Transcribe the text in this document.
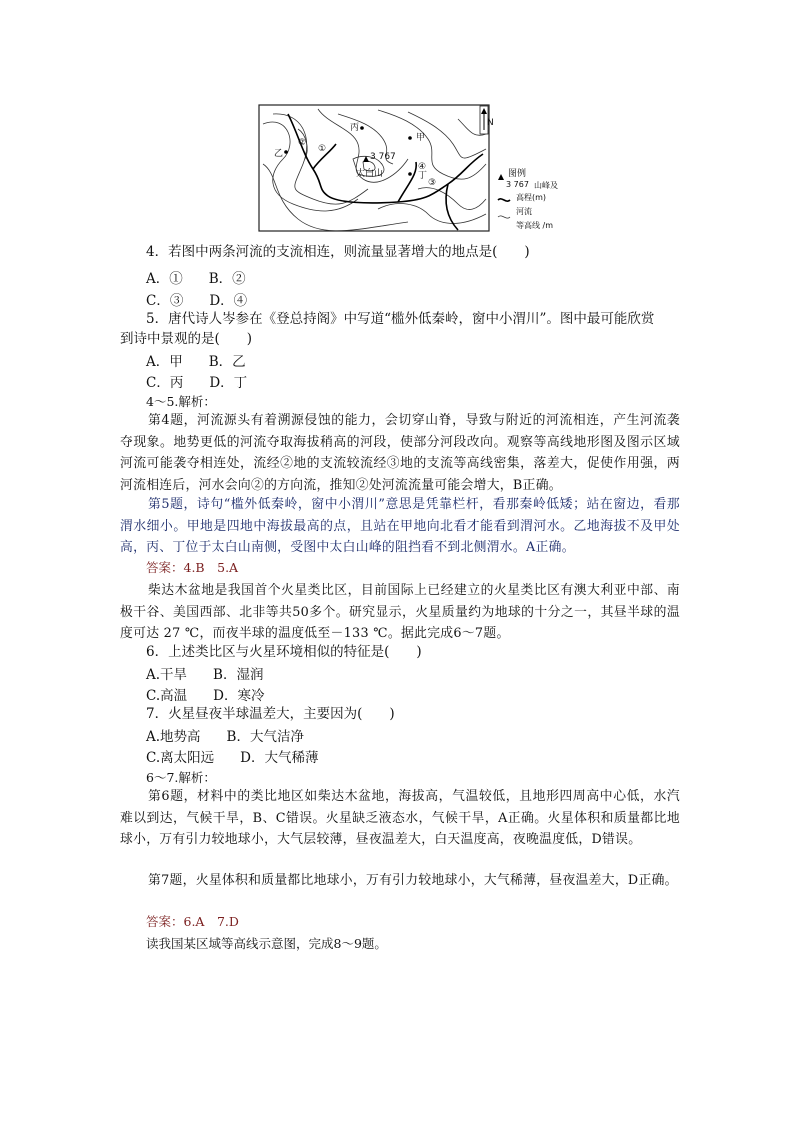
丙
甲
乙
丁
N
①
②
③
④
3 767
太白山	图例
3 767 山峰及
高程(m)
河流
等高线 /m
4．若图中两条河流的支流相连，则流量显著增大的地点是(　　)
A．① B．②
C．③ D．④
5．唐代诗人岑参在《登总持阁》中写道“槛外低秦岭，窗中小渭川”。图中最可能欣赏
到诗中景观的是(　　)
A．甲 B．乙
C．丙 D．丁
4～5.解析：
第4题，河流源头有着溯源侵蚀的能力，会切穿山脊，导致与附近的河流相连，产生河流袭夺现象。地势更低的河流夺取海拔稍高的河段，使部分河段改向。观察等高线地形图及图示区域河流可能袭夺相连处，流经②地的支流较流经③地的支流等高线密集，落差大，促使作用强，两河流相连后，河水会向②的方向流，推知②处河流流量可能会增大，B正确。
第5题，诗句“槛外低秦岭，窗中小渭川”意思是凭靠栏杆，看那秦岭低矮；站在窗边，看那渭水细小。甲地是四地中海拔最高的点，且站在甲地向北看才能看到渭河水。乙地海拔不及甲处高，丙、丁位于太白山南侧，受图中太白山峰的阻挡看不到北侧渭水。A正确。
答案：4.B　5.A
柴达木盆地是我国首个火星类比区，目前国际上已经建立的火星类比区有澳大利亚中部、南极干谷、美国西部、北非等共50多个。研究显示，火星质量约为地球的十分之一，其昼半球的温度可达 27 ℃，而夜半球的温度低至－133 ℃。据此完成6～7题。
6．上述类比区与火星环境相似的特征是(　　)
A.干旱 B．湿润
C.高温 D．寒冷
7．火星昼夜半球温差大，主要因为(　　)
A.地势高 B．大气洁净
C.离太阳远 D．大气稀薄
6～7.解析：
第6题，材料中的类比地区如柴达木盆地，海拔高，气温较低，且地形四周高中心低，水汽难以到达，气候干旱，B、C错误。火星缺乏液态水，气候干旱，A正确。火星体积和质量都比地球小，万有引力较地球小，大气层较薄，昼夜温差大，白天温度高，夜晚温度低，D错误。
第7题，火星体积和质量都比地球小，万有引力较地球小，大气稀薄，昼夜温差大，D正确。
答案：6.A　7.D
读我国某区域等高线示意图，完成8～9题。
